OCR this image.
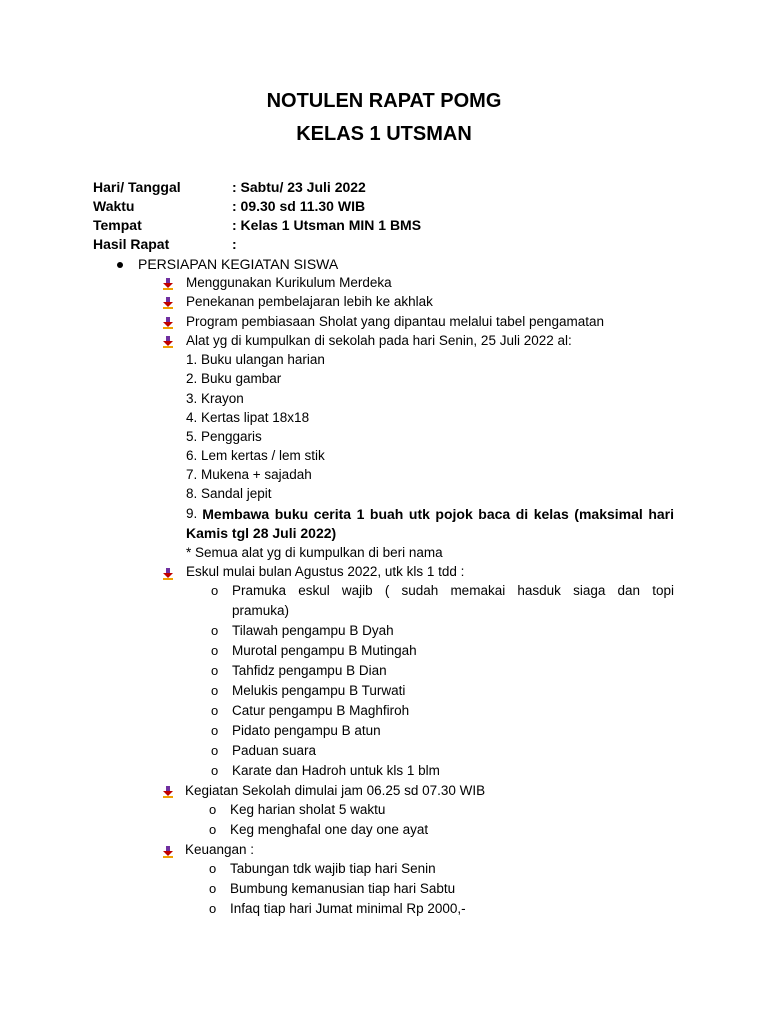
NOTULEN RAPAT POMG
KELAS 1 UTSMAN
Hari/ Tanggal	: Sabtu/ 23 Juli 2022
Waktu	: 09.30 sd 11.30 WIB
Tempat	: Kelas 1 Utsman MIN 1 BMS
Hasil Rapat	:
PERSIAPAN KEGIATAN SISWA
Menggunakan Kurikulum Merdeka
Penekanan pembelajaran lebih ke akhlak
Program pembiasaan Sholat yang dipantau melalui tabel pengamatan
Alat yg di kumpulkan di sekolah pada hari Senin, 25 Juli 2022 al:
1. Buku ulangan harian
2. Buku gambar
3. Krayon
4. Kertas lipat 18x18
5. Penggaris
6. Lem kertas / lem stik
7. Mukena + sajadah
8. Sandal jepit
9. Membawa buku cerita 1 buah utk pojok baca di kelas (maksimal hari
Kamis tgl 28 Juli 2022)
* Semua alat yg di kumpulkan di beri nama
Eskul mulai bulan Agustus 2022, utk kls 1 tdd :
o Pramuka eskul wajib ( sudah memakai hasduk siaga dan topi
pramuka)
o Tilawah pengampu B Dyah
o Murotal pengampu B Mutingah
o Tahfidz pengampu B Dian
o Melukis pengampu B Turwati
o Catur pengampu B Maghfiroh
o Pidato pengampu B atun
o Paduan suara
o Karate dan Hadroh untuk kls 1 blm
Kegiatan Sekolah dimulai jam 06.25 sd 07.30 WIB
o Keg harian sholat 5 waktu
o Keg menghafal one day one ayat
Keuangan :
o Tabungan tdk wajib tiap hari Senin
o Bumbung kemanusian tiap hari Sabtu
o Infaq tiap hari Jumat minimal Rp 2000,-
